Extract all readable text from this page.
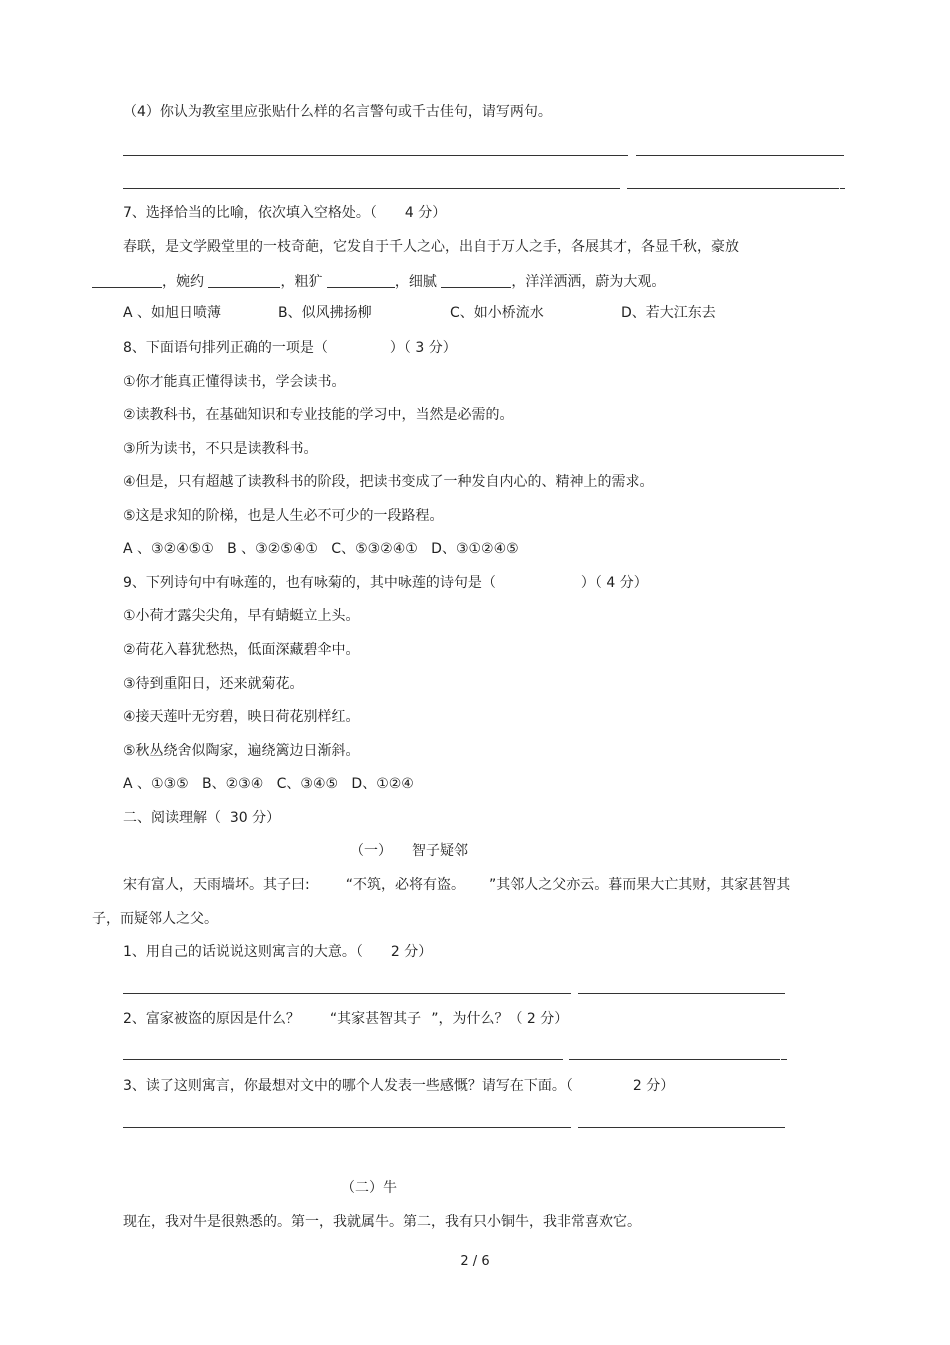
（4）你认为教室里应张贴什么样的名言警句或千古佳句，请写两句。
7、选择恰当的比喻，依次填入空格处。（ 4 分）
春联，是文学殿堂里的一枝奇葩，它发自于千人之心，出自于万人之手，各展其才，各显千秋，豪放
，婉约	，粗犷	，细腻	，洋洋洒洒，蔚为大观。
A 、如旭日喷薄	B、似风拂扬柳	C、如小桥流水	D、若大江东去
8、下面语句排列正确的一项是（	）（ 3 分）
①你才能真正懂得读书，学会读书。
②读教科书，在基础知识和专业技能的学习中，当然是必需的。
③所为读书，不只是读教科书。
④但是，只有超越了读教科书的阶段，把读书变成了一种发自内心的、精神上的需求。
⑤这是求知的阶梯，也是人生必不可少的一段路程。
A 、③②④⑤①   B 、③②⑤④①   C、⑤③②④①   D、③①②④⑤
9、下列诗句中有咏莲的，也有咏菊的，其中咏莲的诗句是（	）（ 4 分）
①小荷才露尖尖角，早有蜻蜓立上头。
②荷花入暮犹愁热，低面深藏碧伞中。
③待到重阳日，还来就菊花。
④接天莲叶无穷碧，映日荷花别样红。
⑤秋丛绕舍似陶家，遍绕篱边日渐斜。
A 、①③⑤   B、②③④   C、③④⑤   D、①②④
二、阅读理解（  30 分）
（一） 智子疑邻
宋有富人，天雨墙坏。其子曰:	“不筑，必将有盗。 ”其邻人之父亦云。暮而果大亡其财，其家甚智其
子，而疑邻人之父。
1、用自己的话说说这则寓言的大意。（ 2 分）
2、富家被盗的原因是什么？ “其家甚智其子 ”，为什么？（ 2 分）
3、读了这则寓言，你最想对文中的哪个人发表一些感慨？请写在下面。（	2 分）
（二）牛
现在，我对牛是很熟悉的。第一，我就属牛。第二，我有只小铜牛，我非常喜欢它。
2 / 6
